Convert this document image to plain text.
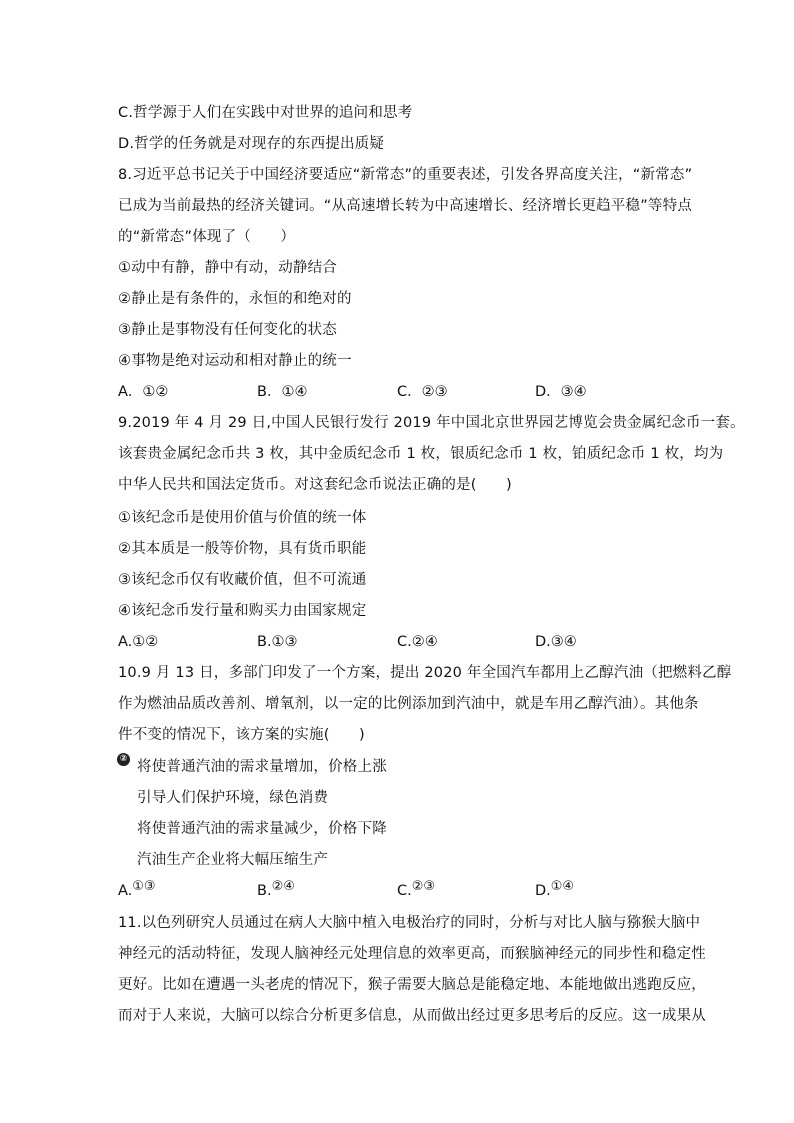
C.哲学源于人们在实践中对世界的追问和思考
D.哲学的任务就是对现存的东西提出质疑
8.习近平总书记关于中国经济要适应“新常态”的重要表述，引发各界高度关注，“新常态”
已成为当前最热的经济关键词。“从高速增长转为中高速增长、经济增长更趋平稳”等特点
的“新常态”体现了（　　）
①动中有静，静中有动，动静结合
②静止是有条件的，永恒的和绝对的
③静止是事物没有任何变化的状态
④事物是绝对运动和相对静止的统一
A．①②	B．①④	C．②③	D．③④
9.2019 年 4 月 29 日,中国人民银行发行 2019 年中国北京世界园艺博览会贵金属纪念币一套。
该套贵金属纪念币共 3 枚，其中金质纪念币 1 枚，银质纪念币 1 枚，铂质纪念币 1 枚，均为
中华人民共和国法定货币。对这套纪念币说法正确的是(　　)
①该纪念币是使用价值与价值的统一体
②其本质是一般等价物，具有货币职能
③该纪念币仅有收藏价值，但不可流通
④该纪念币发行量和购买力由国家规定
A.①②	B.①③	C.②④	D.③④
10.9 月 13 日，多部门印发了一个方案，提出 2020 年全国汽车都用上乙醇汽油（把燃料乙醇
作为燃油品质改善剂、增氧剂，以一定的比例添加到汽油中，就是车用乙醇汽油）。其他条
件不变的情况下，该方案的实施(　　)
② 将使普通汽油的需求量增加，价格上涨
引导人们保护环境，绿色消费
将使普通汽油的需求量减少，价格下降
汽油生产企业将大幅压缩生产
A.①③	B.②④	C.②③	D.①④
11.以色列研究人员通过在病人大脑中植入电极治疗的同时，分析与对比人脑与猕猴大脑中
神经元的活动特征，发现人脑神经元处理信息的效率更高，而猴脑神经元的同步性和稳定性
更好。比如在遭遇一头老虎的情况下，猴子需要大脑总是能稳定地、本能地做出逃跑反应，
而对于人来说，大脑可以综合分析更多信息，从而做出经过更多思考后的反应。这一成果从
